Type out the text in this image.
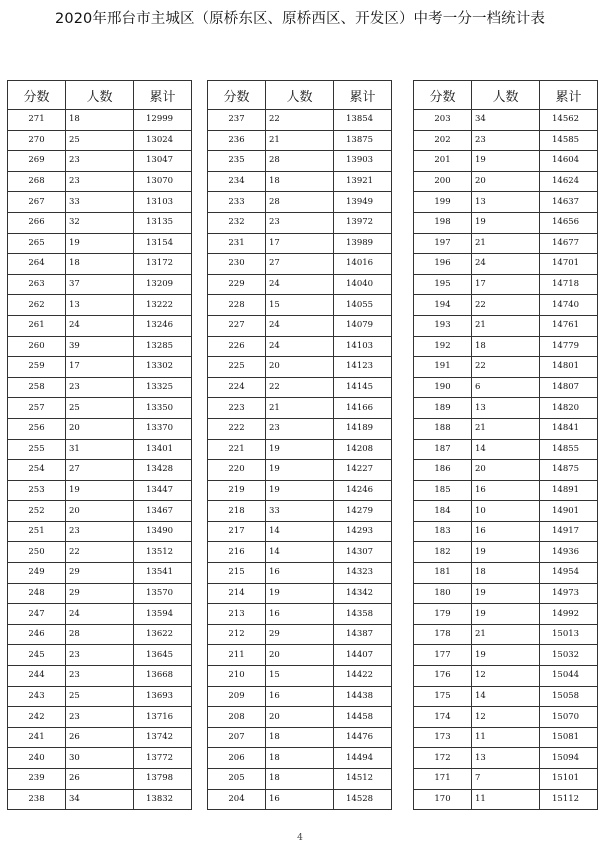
2020年邢台市主城区（原桥东区、原桥西区、开发区）中考一分一档统计表
分数	人数	累计
271	18	12999
270	25	13024
269	23	13047
268	23	13070
267	33	13103
266	32	13135
265	19	13154
264	18	13172
263	37	13209
262	13	13222
261	24	13246
260	39	13285
259	17	13302
258	23	13325
257	25	13350
256	20	13370
255	31	13401
254	27	13428
253	19	13447
252	20	13467
251	23	13490
250	22	13512
249	29	13541
248	29	13570
247	24	13594
246	28	13622
245	23	13645
244	23	13668
243	25	13693
242	23	13716
241	26	13742
240	30	13772
239	26	13798
238	34	13832
分数	人数	累计
237	22	13854
236	21	13875
235	28	13903
234	18	13921
233	28	13949
232	23	13972
231	17	13989
230	27	14016
229	24	14040
228	15	14055
227	24	14079
226	24	14103
225	20	14123
224	22	14145
223	21	14166
222	23	14189
221	19	14208
220	19	14227
219	19	14246
218	33	14279
217	14	14293
216	14	14307
215	16	14323
214	19	14342
213	16	14358
212	29	14387
211	20	14407
210	15	14422
209	16	14438
208	20	14458
207	18	14476
206	18	14494
205	18	14512
204	16	14528
分数	人数	累计
203	34	14562
202	23	14585
201	19	14604
200	20	14624
199	13	14637
198	19	14656
197	21	14677
196	24	14701
195	17	14718
194	22	14740
193	21	14761
192	18	14779
191	22	14801
190	6	14807
189	13	14820
188	21	14841
187	14	14855
186	20	14875
185	16	14891
184	10	14901
183	16	14917
182	19	14936
181	18	14954
180	19	14973
179	19	14992
178	21	15013
177	19	15032
176	12	15044
175	14	15058
174	12	15070
173	11	15081
172	13	15094
171	7	15101
170	11	15112
4
